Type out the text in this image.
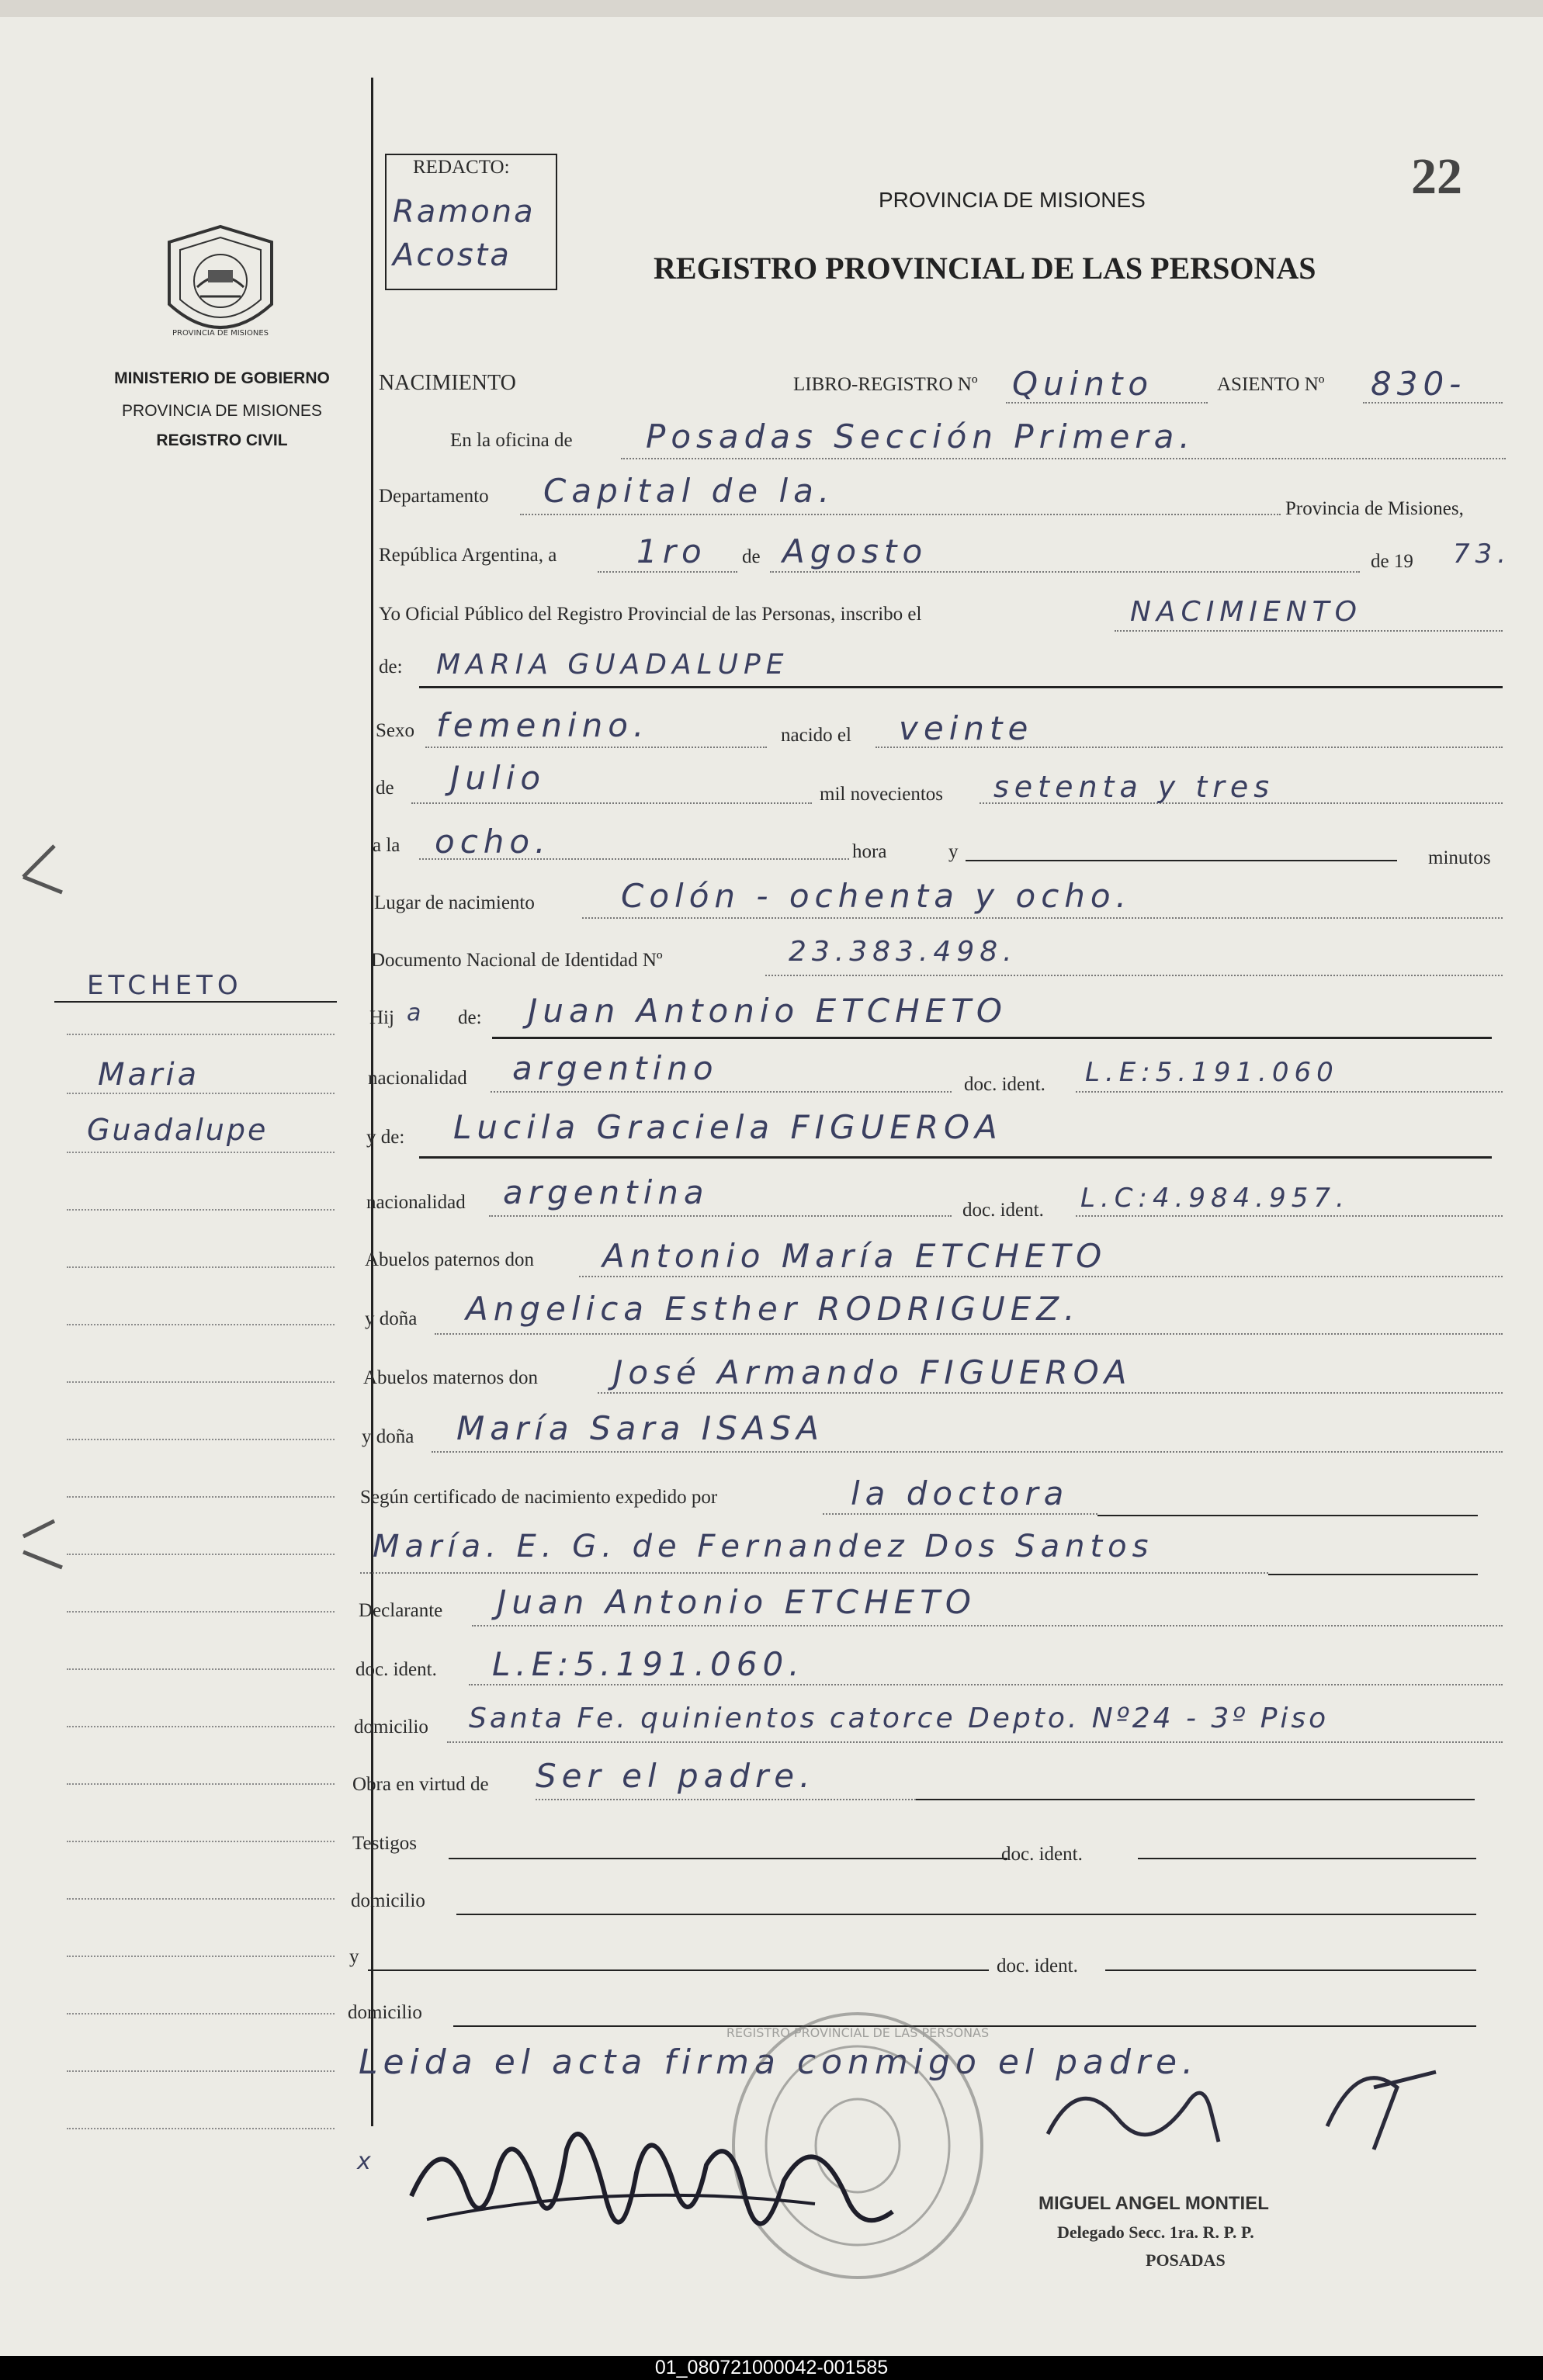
22
PROVINCIA DE MISIONES
MINISTERIO DE GOBIERNO
PROVINCIA DE MISIONES
REGISTRO CIVIL
REDACTO:
Ramona
Acosta
PROVINCIA DE MISIONES
REGISTRO PROVINCIAL DE LAS PERSONAS
NACIMIENTO	LIBRO-REGISTRO Nº Quinto	ASIENTO Nº 830-
En la oficina de Posadas Sección Primera.
Departamento Capital de la.	Provincia de Misiones,
República Argentina, a 1ro de Agosto	de 19 73.
Yo Oficial Público del Registro Provincial de las Personas, inscribo el	NACIMIENTO
de: MARIA GUADALUPE
Sexo femenino.	nacido el veinte
de Julio	mil novecientos setenta y tres
a la ocho.	hora	y	minutos
Lugar de nacimiento	Colón - ochenta y ocho.
Documento Nacional de Identidad Nº	23.383.498.
Hij a de: Juan Antonio ETCHETO
nacionalidad argentino	doc. ident. L.E:5.191.060
y de: Lucila Graciela FIGUEROA
nacionalidad argentina	doc. ident. L.C:4.984.957.
Abuelos paternos don Antonio María ETCHETO
y doña Angelica Esther RODRIGUEZ.
Abuelos maternos don José Armando FIGUEROA
y doña María Sara ISASA
Según certificado de nacimiento expedido por	la doctora
María. E. G. de Fernandez Dos Santos
Declarante Juan Antonio ETCHETO
doc. ident. L.E:5.191.060.
domicilio Santa Fe. quinientos catorce Depto. Nº24 - 3º Piso
Obra en virtud de Ser el padre.
Testigos
doc. ident.
domicilio
y	doc. ident.
domicilio
Leida el acta firma conmigo el padre.
x
REGISTRO PROVINCIAL DE LAS PERSONAS
MIGUEL ANGEL MONTIEL
Delegado Secc. 1ra. R. P. P.
POSADAS
ETCHETO
Maria
Guadalupe
01_080721000042-001585
